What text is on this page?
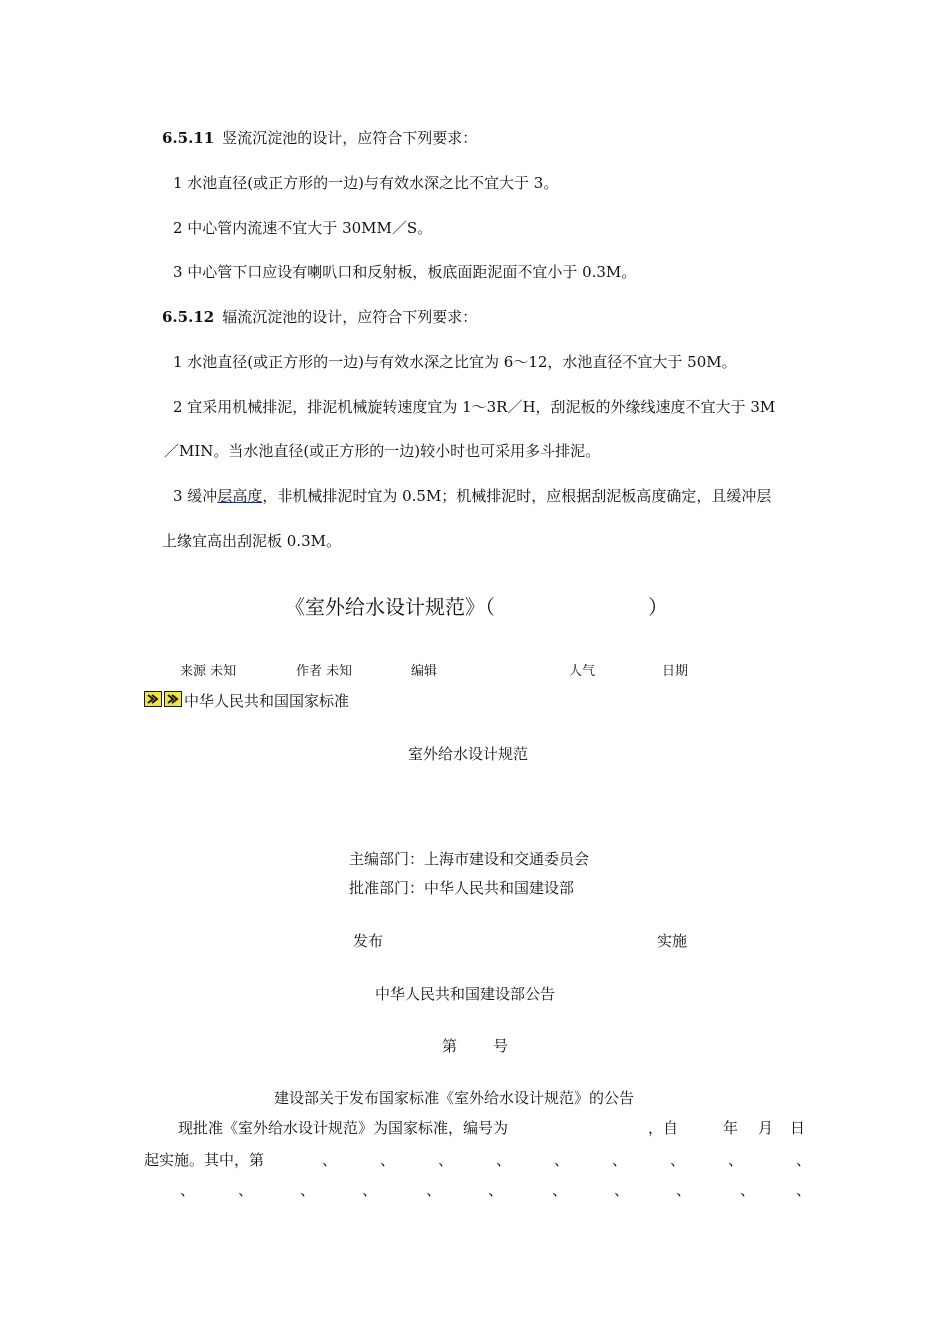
6.5.11 竖流沉淀池的设计，应符合下列要求：
1 水池直径(或正方形的一边)与有效水深之比不宜大于 3。
2 中心管内流速不宜大于 30MM／S。
3 中心管下口应设有喇叭口和反射板，板底面距泥面不宜小于 0.3M。
6.5.12 辐流沉淀池的设计，应符合下列要求：
1 水池直径(或正方形的一边)与有效水深之比宜为 6～12，水池直径不宜大于 50M。
2 宜采用机械排泥，排泥机械旋转速度宜为 1～3R／H，刮泥板的外缘线速度不宜大于 3M
／MIN。当水池直径(或正方形的一边)较小时也可采用多斗排泥。
3 缓冲层高度，非机械排泥时宜为 0.5M；机械排泥时，应根据刮泥板高度确定，且缓冲层
上缘宜高出刮泥板 0.3M。
《室外给水设计规范》（	）
来源 未知	作者 未知	编辑	人气	日期
中华人民共和国国家标准
室外给水设计规范
主编部门：上海市建设和交通委员会
批准部门：中华人民共和国建设部
发布	实施
中华人民共和国建设部公告
第 号
建设部关于发布国家标准《室外给水设计规范》的公告
现批准《室外给水设计规范》为国家标准，编号为	，自	年 月 日
起实施。其中，第	、	、	、	、	、	、	、	、	、
、	、	、	、	、	、	、	、	、	、	、
